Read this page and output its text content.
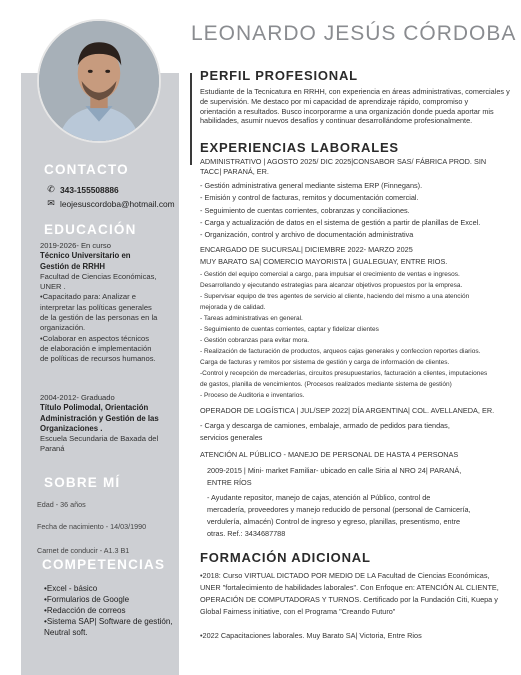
LEONARDO JESÚS CÓRDOBA
CONTACTO
✆ 343-155508886
✉ leojesuscordoba@hotmail.com
EDUCACIÓN

2019-2026- En curso

Técnico Universitario en

Gestión de RRHH

Facultad de Ciencias Económicas,

UNER .

•Capacitado para: Analizar e

interpretar las políticas generales

de la gestión de las personas en la

organización.

•Colaborar en aspectos técnicos

de elaboración e implementación

de políticas de recursos humanos.

2004-2012- Graduado

Título Polimodal, Orientación

Administración y Gestión de las

Organizaciones .

Escuela Secundaria de Baxada del

Paraná

SOBRE MÍ
Edad - 36 años
Fecha de nacimiento - 14/03/1990
Carnet de conducir - A1.3 B1
COMPETENCIAS
•Excel - básico
•Formularios de Google
•Redacción de correos
•Sistema SAP| Software de gestión,
Neutral soft.
PERFIL PROFESIONAL
Estudiante de la Tecnicatura en RRHH, con experiencia en áreas administrativas, comerciales y
de supervisión. Me destaco por mi capacidad de aprendizaje rápido, compromiso y
orientación a resultados. Busco incorporarme a una organización donde pueda aportar mis
habilidades, asumir nuevos desafíos y continuar desarrollándome profesionalmente.
EXPERIENCIAS LABORALES
ADMINISTRATIVO | AGOSTO 2025/ DIC 2025|CONSABOR SAS/ FÁBRICA PROD. SIN
TACC| PARANÁ, ER.
- Gestión administrativa general mediante sistema ERP (Finnegans).
- Emisión y control de facturas, remitos y documentación comercial.
- Seguimiento de cuentas corrientes, cobranzas y conciliaciones.
- Carga y actualización de datos en el sistema de gestión a partir de planillas de Excel.
- Organización, control y archivo de documentación administrativa
ENCARGADO DE SUCURSAL| DICIEMBRE 2022- MARZO 2025
MUY BARATO SA| COMERCIO MAYORISTA | GUALEGUAY, ENTRE RIOS.
- Gestión del equipo comercial a cargo, para impulsar el crecimiento de ventas e ingresos.
Desarrollando y ejecutando estrategias para alcanzar objetivos propuestos por la empresa.
- Supervisar equipo de tres agentes de servicio al cliente, haciendo del mismo a una atención
mejorada y de calidad.
- Tareas administrativas en general.
- Seguimiento de cuentas corrientes, captar y fidelizar clientes
- Gestión cobranzas para evitar mora.
- Realización de facturación de productos, arqueos cajas generales y confeccion reportes diarios.
Carga de facturas y remitos por sistema de gestión y carga de información de clientes.
-Control y recepción de mercaderías, circuitos presupuestarios, facturación a clientes, imputaciones
de gastos, planilla de vencimientos. (Procesos realizados mediante sistema de gestión)
- Proceso de Auditoria e inventarios.
OPERADOR DE LOGÍSTICA | JUL/SEP 2022| DÍA ARGENTINA| COL. AVELLANEDA, ER.
- Carga y descarga de camiones, embalaje, armado de pedidos para tiendas,
servicios generales
ATENCIÓN AL PÚBLICO - MANEJO DE PERSONAL DE HASTA 4 PERSONAS
2009-2015 | Mini- market Familiar- ubicado en calle Siria al NRO 24| PARANÁ,
ENTRE RÍOS
- Ayudante repositor, manejo de cajas, atención al Público, control de
mercadería, proveedores y manejo reducido de personal (personal de Carnicería,
verdulería, almacén) Control de ingreso y egreso, planillas, presentismo, entre
otras. Ref.: 3434687788
FORMACIÓN ADICIONAL
•2018: Curso VIRTUAL DICTADO POR MEDIO DE LA Facultad de Ciencias Económicas,
UNER "fortalecimiento de habilidades laborales". Con Enfoque en: ATENCIÓN AL CLIENTE,
OPERACIÓN DE COMPUTADORAS Y TURNOS. Certificado por la Fundación Citi, Kuepa y
Global Fairness initiative, con el Programa "Creando Futuro"
•2022 Capacitaciones laborales. Muy Barato SA| Victoria, Entre Rios
